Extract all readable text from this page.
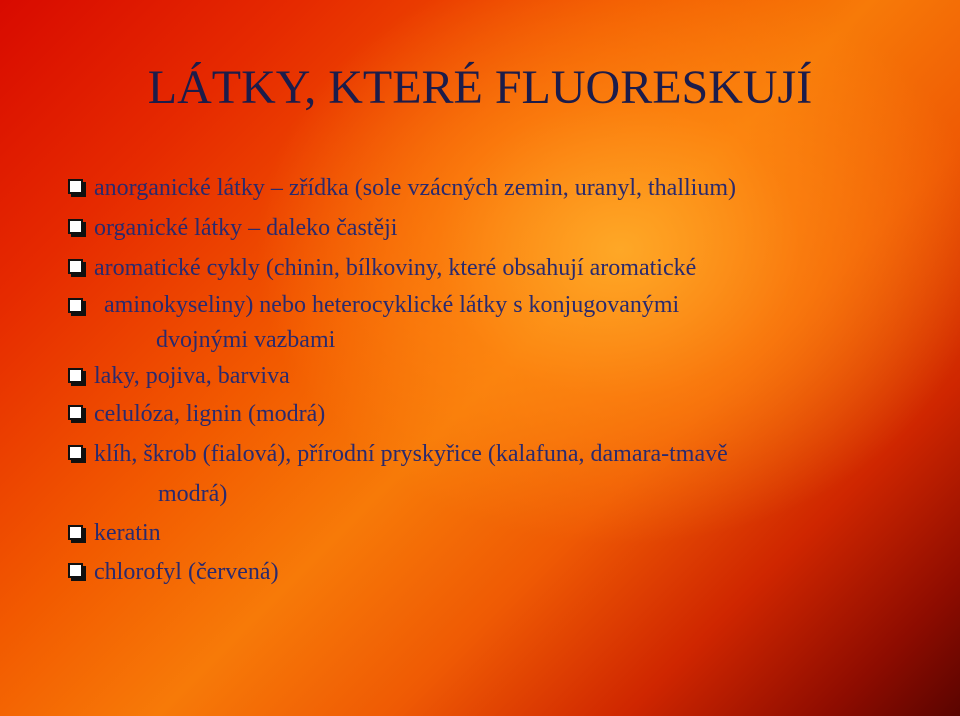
LÁTKY, KTERÉ FLUORESKUJÍ
anorganické látky – zřídka (sole vzácných zemin, uranyl, thallium)
organické látky – daleko častěji
aromatické cykly (chinin, bílkoviny, které obsahují aromatické
aminokyseliny) nebo heterocyklické látky s konjugovanými
dvojnými vazbami
laky, pojiva, barviva
celulóza, lignin (modrá)
klíh, škrob (fialová), přírodní pryskyřice (kalafuna, damara-tmavě
modrá)
keratin
chlorofyl (červená)
